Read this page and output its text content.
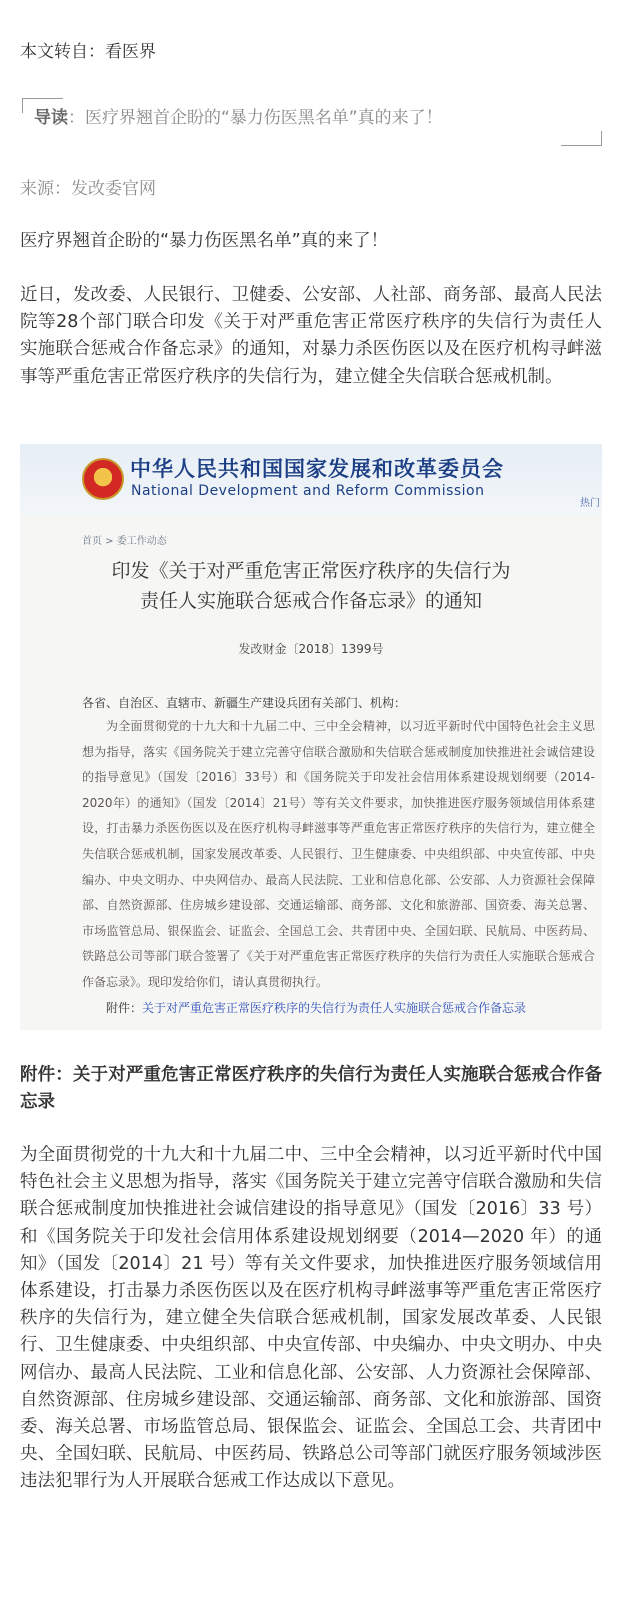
本文转自：看医界
导读：医疗界翘首企盼的“暴力伤医黑名单”真的来了！
来源：发改委官网
医疗界翘首企盼的“暴力伤医黑名单”真的来了！
近日，发改委、人民银行、卫健委、公安部、人社部、商务部、最高人民法院等28个部门联合印发《关于对严重危害正常医疗秩序的失信行为责任人实施联合惩戒合作备忘录》的通知，对暴力杀医伤医以及在医疗机构寻衅滋事等严重危害正常医疗秩序的失信行为，建立健全失信联合惩戒机制。
中华人民共和国国家发展和改革委员会
National Development and Reform Commission
热门
首页 > 委工作动态
印发《关于对严重危害正常医疗秩序的失信行为
责任人实施联合惩戒合作备忘录》的通知
发改财金〔2018〕1399号
各省、自治区、直辖市、新疆生产建设兵团有关部门、机构：
为全面贯彻党的十九大和十九届二中、三中全会精神，以习近平新时代中国特色社会主义思想为指导，落实《国务院关于建立完善守信联合激励和失信联合惩戒制度加快推进社会诚信建设的指导意见》（国发〔2016〕33号）和《国务院关于印发社会信用体系建设规划纲要（2014-2020年）的通知》（国发〔2014〕21号）等有关文件要求，加快推进医疗服务领域信用体系建设，打击暴力杀医伤医以及在医疗机构寻衅滋事等严重危害正常医疗秩序的失信行为，建立健全失信联合惩戒机制，国家发展改革委、人民银行、卫生健康委、中央组织部、中央宣传部、中央编办、中央文明办、中央网信办、最高人民法院、工业和信息化部、公安部、人力资源社会保障部、自然资源部、住房城乡建设部、交通运输部、商务部、文化和旅游部、国资委、海关总署、市场监管总局、银保监会、证监会、全国总工会、共青团中央、全国妇联、民航局、中医药局、铁路总公司等部门联合签署了《关于对严重危害正常医疗秩序的失信行为责任人实施联合惩戒合作备忘录》。现印发给你们，请认真贯彻执行。
附件：关于对严重危害正常医疗秩序的失信行为责任人实施联合惩戒合作备忘录
附件：关于对严重危害正常医疗秩序的失信行为责任人实施联合惩戒合作备忘录
为全面贯彻党的十九大和十九届二中、三中全会精神，以习近平新时代中国特色社会主义思想为指导，落实《国务院关于建立完善守信联合激励和失信联合惩戒制度加快推进社会诚信建设的指导意见》（国发〔2016〕33 号）和《国务院关于印发社会信用体系建设规划纲要（2014—2020 年）的通知》（国发〔2014〕21 号）等有关文件要求，加快推进医疗服务领域信用体系建设，打击暴力杀医伤医以及在医疗机构寻衅滋事等严重危害正常医疗秩序的失信行为，建立健全失信联合惩戒机制，国家发展改革委、人民银行、卫生健康委、中央组织部、中央宣传部、中央编办、中央文明办、中央网信办、最高人民法院、工业和信息化部、公安部、人力资源社会保障部、自然资源部、住房城乡建设部、交通运输部、商务部、文化和旅游部、国资委、海关总署、市场监管总局、银保监会、证监会、全国总工会、共青团中央、全国妇联、民航局、中医药局、铁路总公司等部门就医疗服务领域涉医违法犯罪行为人开展联合惩戒工作达成以下意见。
